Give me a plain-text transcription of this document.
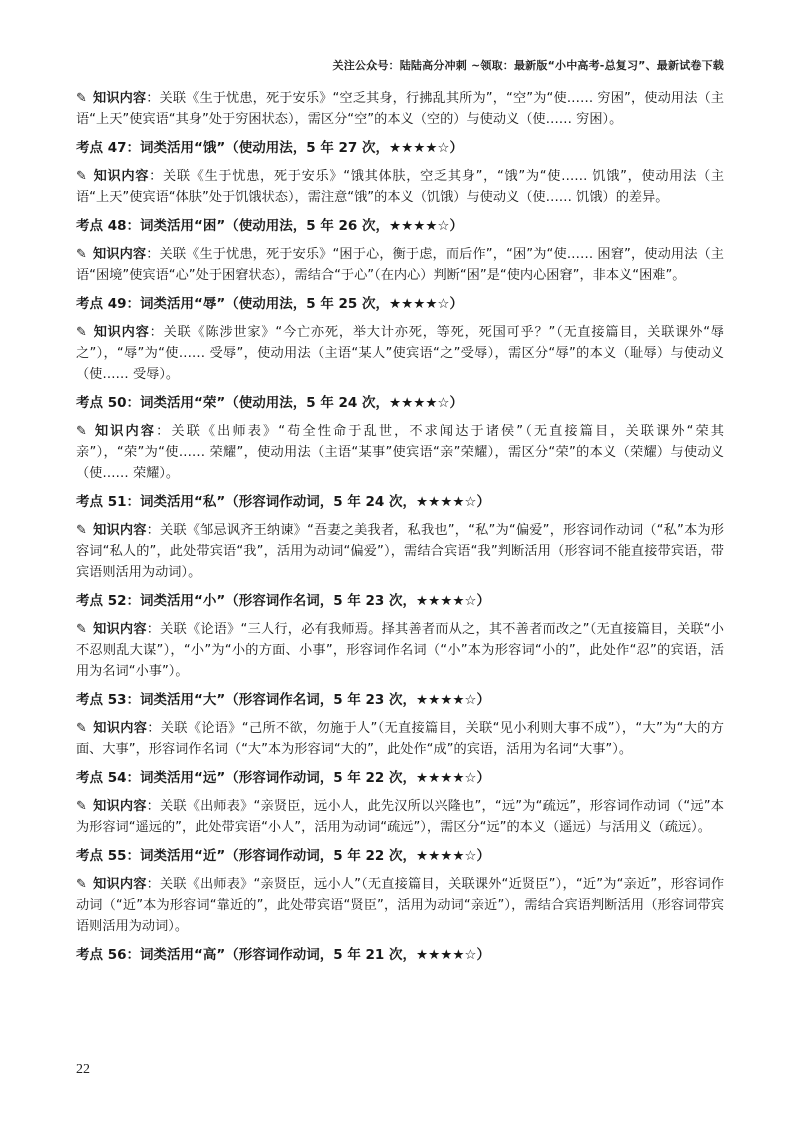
关注公众号：陆陆高分冲刺 ~领取：最新版“小中高考-总复习”、最新试卷下载

✎ 知识内容：关联《生于忧患，死于安乐》“空乏其身，行拂乱其所为”，“空”为“使…… 穷困”，使动用法（主语“上天”使宾语“其身”处于穷困状态），需区分“空”的本义（空的）与使动义（使…… 穷困）。

考点 47：词类活用“饿”（使动用法，5 年 27 次，★★★★☆）

✎ 知识内容：关联《生于忧患，死于安乐》“饿其体肤，空乏其身”，“饿”为“使…… 饥饿”，使动用法（主语“上天”使宾语“体肤”处于饥饿状态），需注意“饿”的本义（饥饿）与使动义（使…… 饥饿）的差异。

考点 48：词类活用“困”（使动用法，5 年 26 次，★★★★☆）

✎ 知识内容：关联《生于忧患，死于安乐》“困于心，衡于虑，而后作”，“困”为“使…… 困窘”，使动用法（主语“困境”使宾语“心”处于困窘状态），需结合“于心”（在内心）判断“困”是“使内心困窘”，非本义“困难”。

考点 49：词类活用“辱”（使动用法，5 年 25 次，★★★★☆）

✎ 知识内容：关联《陈涉世家》“今亡亦死，举大计亦死，等死，死国可乎？”（无直接篇目，关联课外“辱之”），“辱”为“使…… 受辱”，使动用法（主语“某人”使宾语“之”受辱），需区分“辱”的本义（耻辱）与使动义（使…… 受辱）。

考点 50：词类活用“荣”（使动用法，5 年 24 次，★★★★☆）

✎ 知识内容：关联《出师表》“苟全性命于乱世，不求闻达于诸侯”（无直接篇目，关联课外“荣其亲”），“荣”为“使…… 荣耀”，使动用法（主语“某事”使宾语“亲”荣耀），需区分“荣”的本义（荣耀）与使动义（使…… 荣耀）。

考点 51：词类活用“私”（形容词作动词，5 年 24 次，★★★★☆）

✎ 知识内容：关联《邹忌讽齐王纳谏》“吾妻之美我者，私我也”，“私”为“偏爱”，形容词作动词（“私”本为形容词“私人的”，此处带宾语“我”，活用为动词“偏爱”），需结合宾语“我”判断活用（形容词不能直接带宾语，带宾语则活用为动词）。

考点 52：词类活用“小”（形容词作名词，5 年 23 次，★★★★☆）

✎ 知识内容：关联《论语》“三人行，必有我师焉。择其善者而从之，其不善者而改之”（无直接篇目，关联“小不忍则乱大谋”），“小”为“小的方面、小事”，形容词作名词（“小”本为形容词“小的”，此处作“忍”的宾语，活用为名词“小事”）。

考点 53：词类活用“大”（形容词作名词，5 年 23 次，★★★★☆）

✎ 知识内容：关联《论语》“己所不欲，勿施于人”（无直接篇目，关联“见小利则大事不成”），“大”为“大的方面、大事”，形容词作名词（“大”本为形容词“大的”，此处作“成”的宾语，活用为名词“大事”）。

考点 54：词类活用“远”（形容词作动词，5 年 22 次，★★★★☆）

✎ 知识内容：关联《出师表》“亲贤臣，远小人，此先汉所以兴隆也”，“远”为“疏远”，形容词作动词（“远”本为形容词“遥远的”，此处带宾语“小人”，活用为动词“疏远”），需区分“远”的本义（遥远）与活用义（疏远）。

考点 55：词类活用“近”（形容词作动词，5 年 22 次，★★★★☆）

✎ 知识内容：关联《出师表》“亲贤臣，远小人”（无直接篇目，关联课外“近贤臣”），“近”为“亲近”，形容词作动词（“近”本为形容词“靠近的”，此处带宾语“贤臣”，活用为动词“亲近”），需结合宾语判断活用（形容词带宾语则活用为动词）。

考点 56：词类活用“高”（形容词作动词，5 年 21 次，★★★★☆）
22
